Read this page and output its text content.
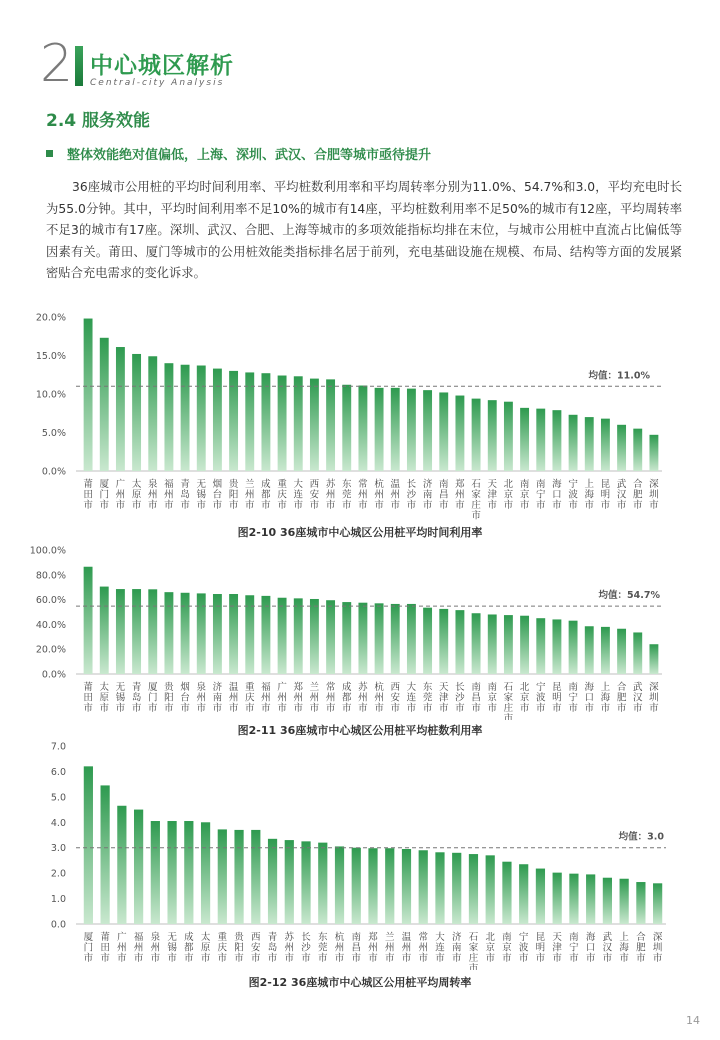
2 中心城区解析
Central-city Analysis
2.4 服务效能
整体效能绝对值偏低，上海、深圳、武汉、合肥等城市亟待提升
36座城市公用桩的平均时间利用率、平均桩数利用率和平均周转率分别为11.0%、54.7%和3.0，平均充电时长为55.0分钟。其中，平均时间利用率不足10%的城市有14座，平均桩数利用率不足50%的城市有12座，平均周转率不足3的城市有17座。深圳、武汉、合肥、上海等城市的多项效能指标均排在末位，与城市公用桩中直流占比偏低等因素有关。莆田、厦门等城市的公用桩效能类指标排名居于前列，充电基础设施在规模、布局、结构等方面的发展紧密贴合充电需求的变化诉求。
0.0%
5.0%
10.0%
15.0%
20.0%
莆田市
厦门市
广州市
太原市
泉州市
福州市
青岛市
无锡市
烟台市
贵阳市
兰州市
成都市
重庆市
大连市
西安市
苏州市
东莞市
常州市
杭州市
温州市
长沙市
济南市
南昌市
郑州市
石家庄市
天津市
北京市
南京市
南宁市
海口市
宁波市
上海市
昆明市
武汉市
合肥市
深圳市
均值：11.0%
图2-10 36座城市中心城区公用桩平均时间利用率
0.0%
20.0%
40.0%
60.0%
80.0%
100.0%
莆田市
太原市
无锡市
青岛市
厦门市
贵阳市
烟台市
泉州市
济南市
温州市
重庆市
福州市
广州市
郑州市
兰州市
常州市
成都市
苏州市
杭州市
西安市
大连市
东莞市
天津市
长沙市
南昌市
南京市
石家庄市
北京市
宁波市
昆明市
南宁市
海口市
上海市
合肥市
武汉市
深圳市
均值：54.7%
图2-11 36座城市中心城区公用桩平均桩数利用率
0.0
1.0
2.0
3.0
4.0
5.0
6.0
7.0
厦门市
莆田市
广州市
福州市
泉州市
无锡市
成都市
太原市
重庆市
贵阳市
西安市
青岛市
苏州市
长沙市
东莞市
杭州市
南昌市
郑州市
兰州市
温州市
常州市
大连市
济南市
石家庄市
北京市
南京市
宁波市
昆明市
天津市
南宁市
海口市
武汉市
上海市
合肥市
深圳市
均值：3.0
图2-12 36座城市中心城区公用桩平均周转率
14
